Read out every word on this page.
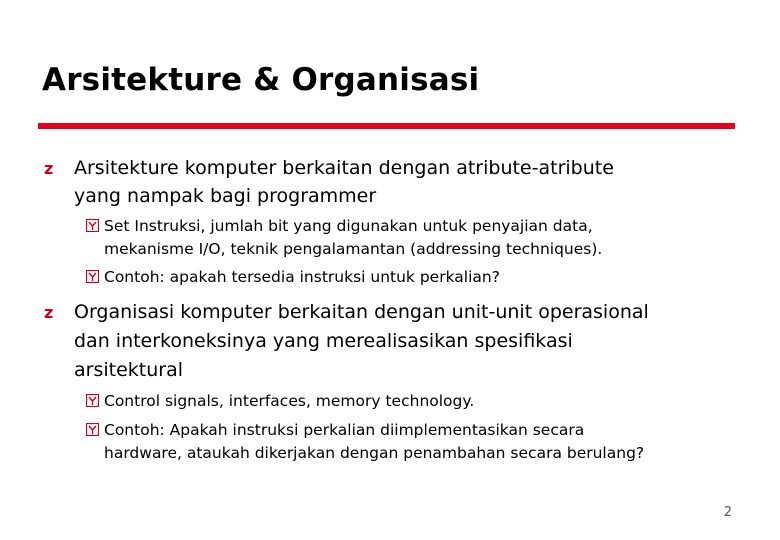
Arsitekture & Organisasi
z Arsitekture komputer berkaitan dengan atribute-atribute
yang nampak bagi programmer
Set Instruksi, jumlah bit yang digunakan untuk penyajian data,
mekanisme I/O, teknik pengalamantan (addressing techniques).
Contoh: apakah tersedia instruksi untuk perkalian?
z Organisasi komputer berkaitan dengan unit-unit operasional
dan interkoneksinya yang merealisasikan spesifikasi
arsitektural
Control signals, interfaces, memory technology.
Contoh: Apakah instruksi perkalian diimplementasikan secara
hardware, ataukah dikerjakan dengan penambahan secara berulang?
2
